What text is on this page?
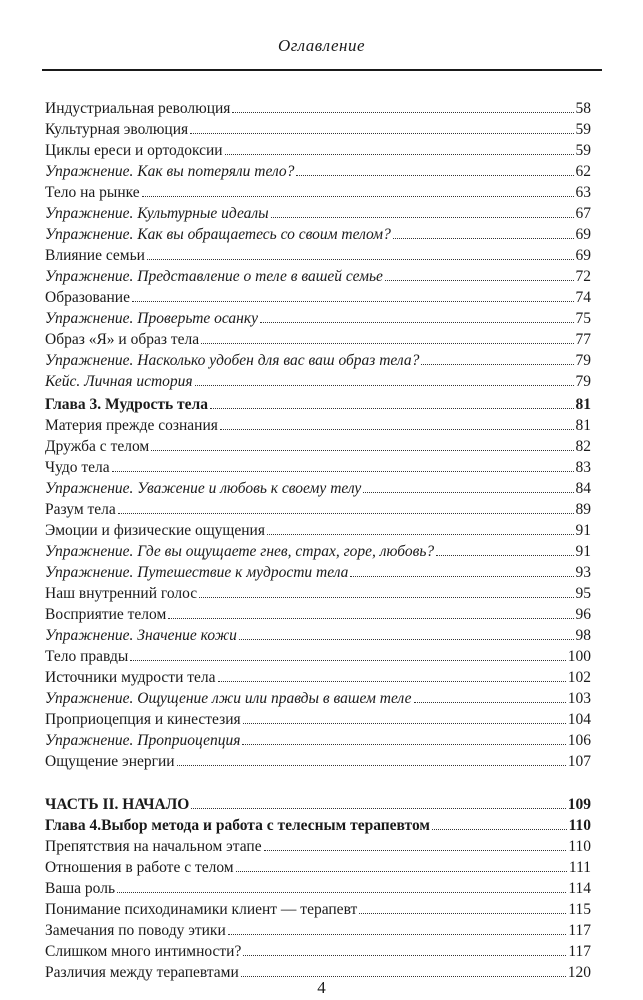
Оглавление
Индустриальная революция	58
Культурная эволюция	59
Циклы ереси и ортодоксии	59
Упражнение. Как вы потеряли тело?	62
Тело на рынке	63
Упражнение. Культурные идеалы	67
Упражнение. Как вы обращаетесь со своим телом?	69
Влияние семьи	69
Упражнение. Представление о теле в вашей семье	72
Образование	74
Упражнение. Проверьте осанку	75
Образ «Я» и образ тела	77
Упражнение. Насколько удобен для вас ваш образ тела?	79
Кейс. Личная история	79
Глава 3. Мудрость тела	81
Материя прежде сознания	81
Дружба с телом	82
Чудо тела	83
Упражнение. Уважение и любовь к своему телу	84
Разум тела	89
Эмоции и физические ощущения	91
Упражнение. Где вы ощущаете гнев, страх, горе, любовь?	91
Упражнение. Путешествие к мудрости тела	93
Наш внутренний голос	95
Восприятие телом	96
Упражнение. Значение кожи	98
Тело правды	100
Источники мудрости тела	102
Упражнение. Ощущение лжи или правды в вашем теле	103
Проприоцепция и кинестезия	104
Упражнение. Проприоцепция	106
Ощущение энергии	107
ЧАСТЬ II. НАЧАЛО	109
Глава 4.Выбор метода и работа с телесным терапевтом	110
Препятствия на начальном этапе	110
Отношения в работе с телом	111
Ваша роль	114
Понимание психодинамики клиент — терапевт	115
Замечания по поводу этики	117
Слишком много интимности?	117
Различия между терапевтами	120
4
